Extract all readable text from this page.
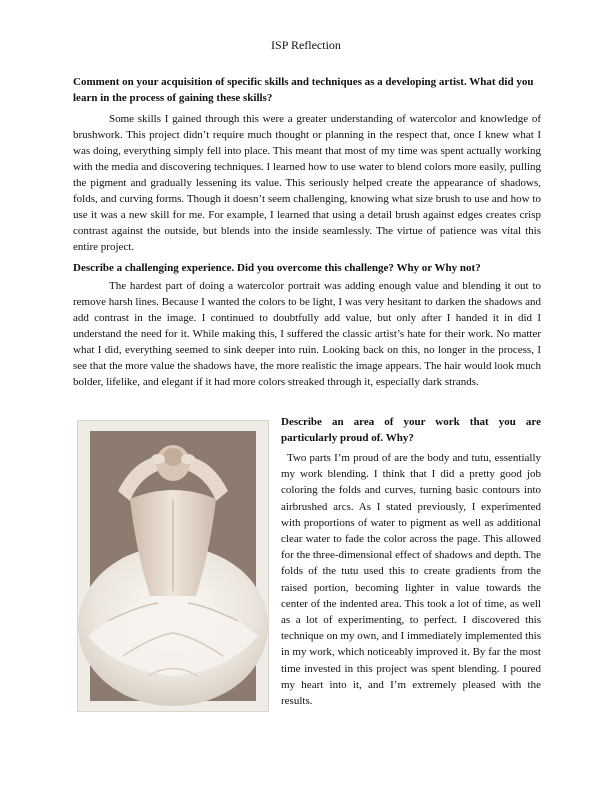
ISP Reflection

Comment on your acquisition of specific skills and techniques as a developing artist. What did you learn in the process of gaining these skills?

Some skills I gained through this were a greater understanding of watercolor and knowledge of brushwork. This project didn’t require much thought or planning in the respect that, once I knew what I was doing, everything simply fell into place. This meant that most of my time was spent actually working with the media and discovering techniques. I learned how to use water to blend colors more easily, pulling the pigment and gradually lessening its value. This seriously helped create the appearance of shadows, folds, and curving forms. Though it doesn’t seem challenging, knowing what size brush to use and how to use it was a new skill for me. For example, I learned that using a detail brush against edges creates crisp contrast against the outside, but blends into the inside seamlessly. The virtue of patience was vital this entire project.

Describe a challenging experience. Did you overcome this challenge? Why or Why not?

The hardest part of doing a watercolor portrait was adding enough value and blending it out to remove harsh lines. Because I wanted the colors to be light, I was very hesitant to darken the shadows and add contrast in the image. I continued to doubtfully add value, but only after I handed it in did I understand the need for it. While making this, I suffered the classic artist’s hate for their work. No matter what I did, everything seemed to sink deeper into ruin. Looking back on this, no longer in the process, I see that the more value the shadows have, the more realistic the image appears. The hair would look much bolder, lifelike, and elegant if it had more colors streaked through it, especially dark strands.

Describe an area of your work that you are particularly proud of. Why?

Two parts I’m proud of are the body and tutu, essentially my work blending. I think that I did a pretty good job coloring the folds and curves, turning basic contours into airbrushed arcs. As I stated previously, I experimented with proportions of water to pigment as well as additional clear water to fade the color across the page. This allowed for the three-dimensional effect of shadows and depth. The folds of the tutu used this to create gradients from the raised portion, becoming lighter in value towards the center of the indented area. This took a lot of time, as well as a lot of experimenting, to perfect. I discovered this technique on my own, and I immediately implemented this in my work, which noticeably improved it. By far the most time invested in this project was spent blending. I poured my heart into it, and I’m extremely pleased with the results.
